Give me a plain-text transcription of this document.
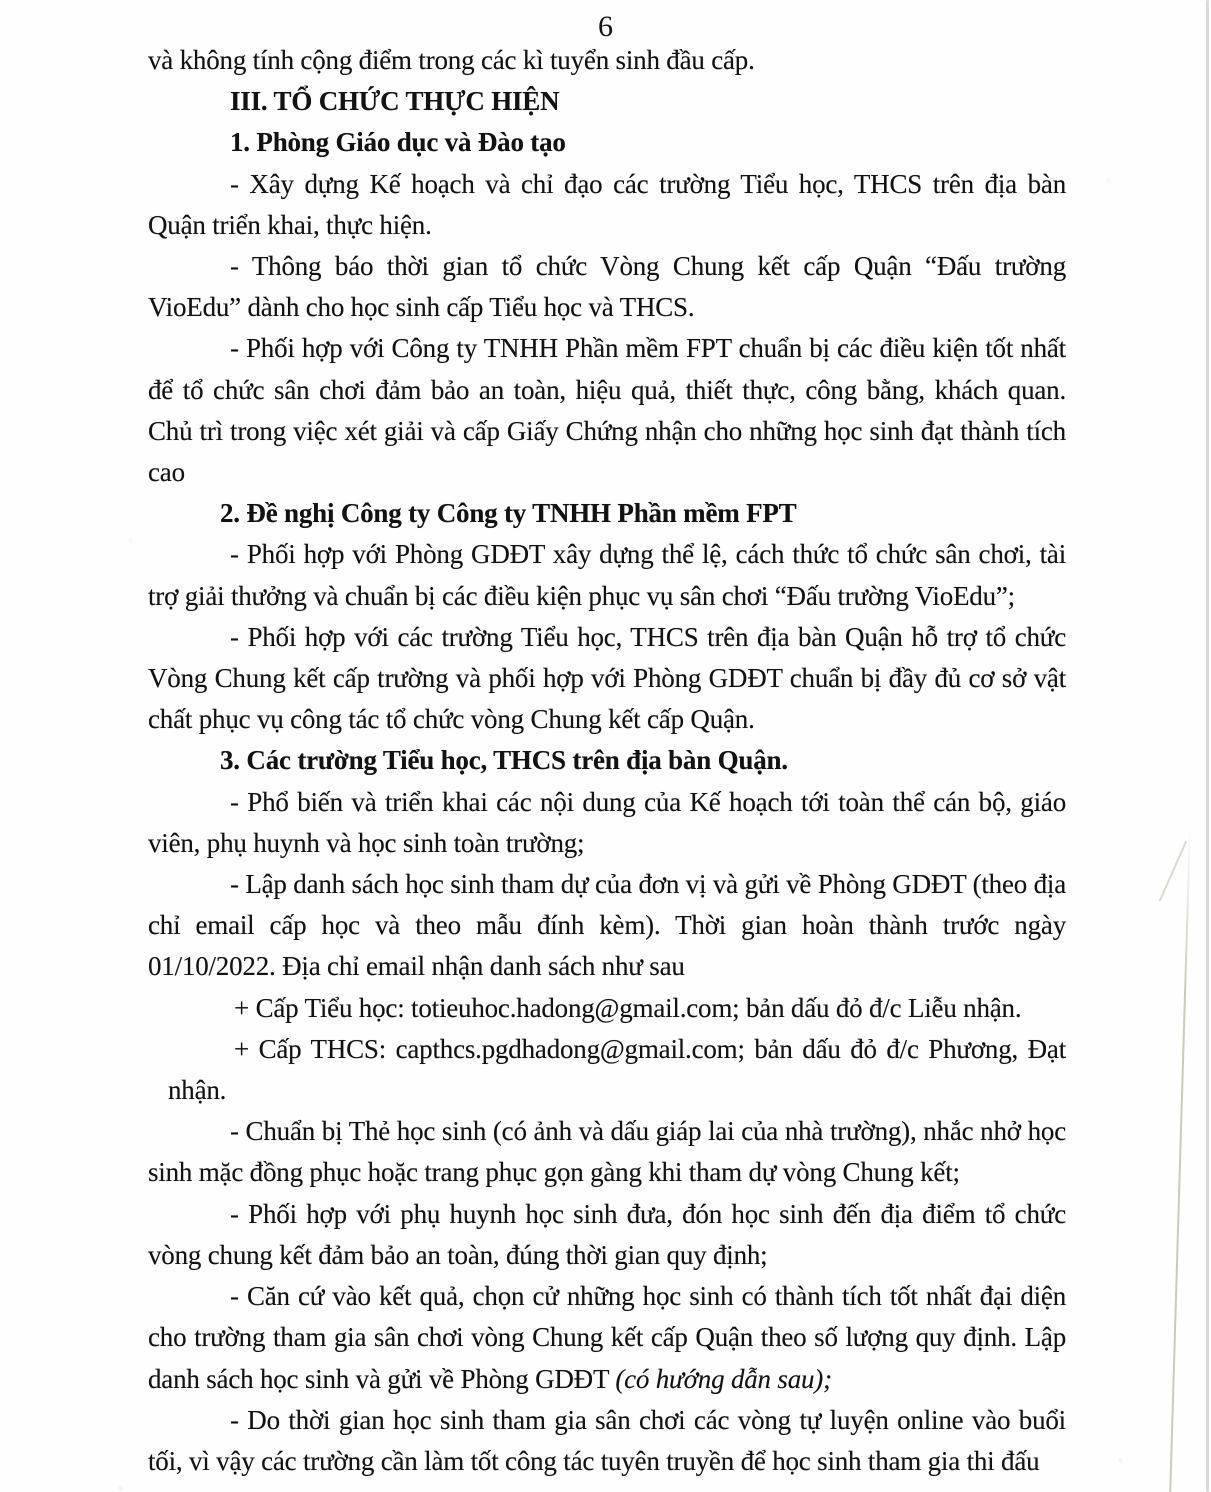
6

và không tính cộng điểm trong các kì tuyển sinh đầu cấp.

III. TỔ CHỨC THỰC HIỆN

1. Phòng Giáo dục và Đào tạo

- Xây dựng Kế hoạch và chỉ đạo các trường Tiểu học, THCS trên địa bàn Quận triển khai, thực hiện.

- Thông báo thời gian tổ chức Vòng Chung kết cấp Quận “Đấu trường VioEdu” dành cho học sinh cấp Tiểu học và THCS.

- Phối hợp với Công ty TNHH Phần mềm FPT chuẩn bị các điều kiện tốt nhất để tổ chức sân chơi đảm bảo an toàn, hiệu quả, thiết thực, công bằng, khách quan. Chủ trì trong việc xét giải và cấp Giấy Chứng nhận cho những học sinh đạt thành tích cao

2. Đề nghị Công ty Công ty TNHH Phần mềm FPT

- Phối hợp với Phòng GDĐT xây dựng thể lệ, cách thức tổ chức sân chơi, tài trợ giải thưởng và chuẩn bị các điều kiện phục vụ sân chơi “Đấu trường VioEdu”;

- Phối hợp với các trường Tiểu học, THCS trên địa bàn Quận hỗ trợ tổ chức Vòng Chung kết cấp trường và phối hợp với Phòng GDĐT chuẩn bị đầy đủ cơ sở vật chất phục vụ công tác tổ chức vòng Chung kết cấp Quận.

3. Các trường Tiểu học, THCS trên địa bàn Quận.

- Phổ biến và triển khai các nội dung của Kế hoạch tới toàn thể cán bộ, giáo viên, phụ huynh và học sinh toàn trường;

- Lập danh sách học sinh tham dự của đơn vị và gửi về Phòng GDĐT (theo địa chỉ email cấp học và theo mẫu đính kèm). Thời gian hoàn thành trước ngày 01/10/2022. Địa chỉ email nhận danh sách như sau

+ Cấp Tiểu học: totieuhoc.hadong@gmail.com; bản dấu đỏ đ/c Liễu nhận.

+ Cấp THCS: capthcs.pgdhadong@gmail.com; bản dấu đỏ đ/c Phương, Đạt nhận.

- Chuẩn bị Thẻ học sinh (có ảnh và dấu giáp lai của nhà trường), nhắc nhở học sinh mặc đồng phục hoặc trang phục gọn gàng khi tham dự vòng Chung kết;

- Phối hợp với phụ huynh học sinh đưa, đón học sinh đến địa điểm tổ chức vòng chung kết đảm bảo an toàn, đúng thời gian quy định;

- Căn cứ vào kết quả, chọn cử những học sinh có thành tích tốt nhất đại diện cho trường tham gia sân chơi vòng Chung kết cấp Quận theo số lượng quy định. Lập danh sách học sinh và gửi về Phòng GDĐT (có hướng dẫn sau);

- Do thời gian học sinh tham gia sân chơi các vòng tự luyện online vào buổi tối, vì vậy các trường cần làm tốt công tác tuyên truyền để học sinh tham gia thi đấu
